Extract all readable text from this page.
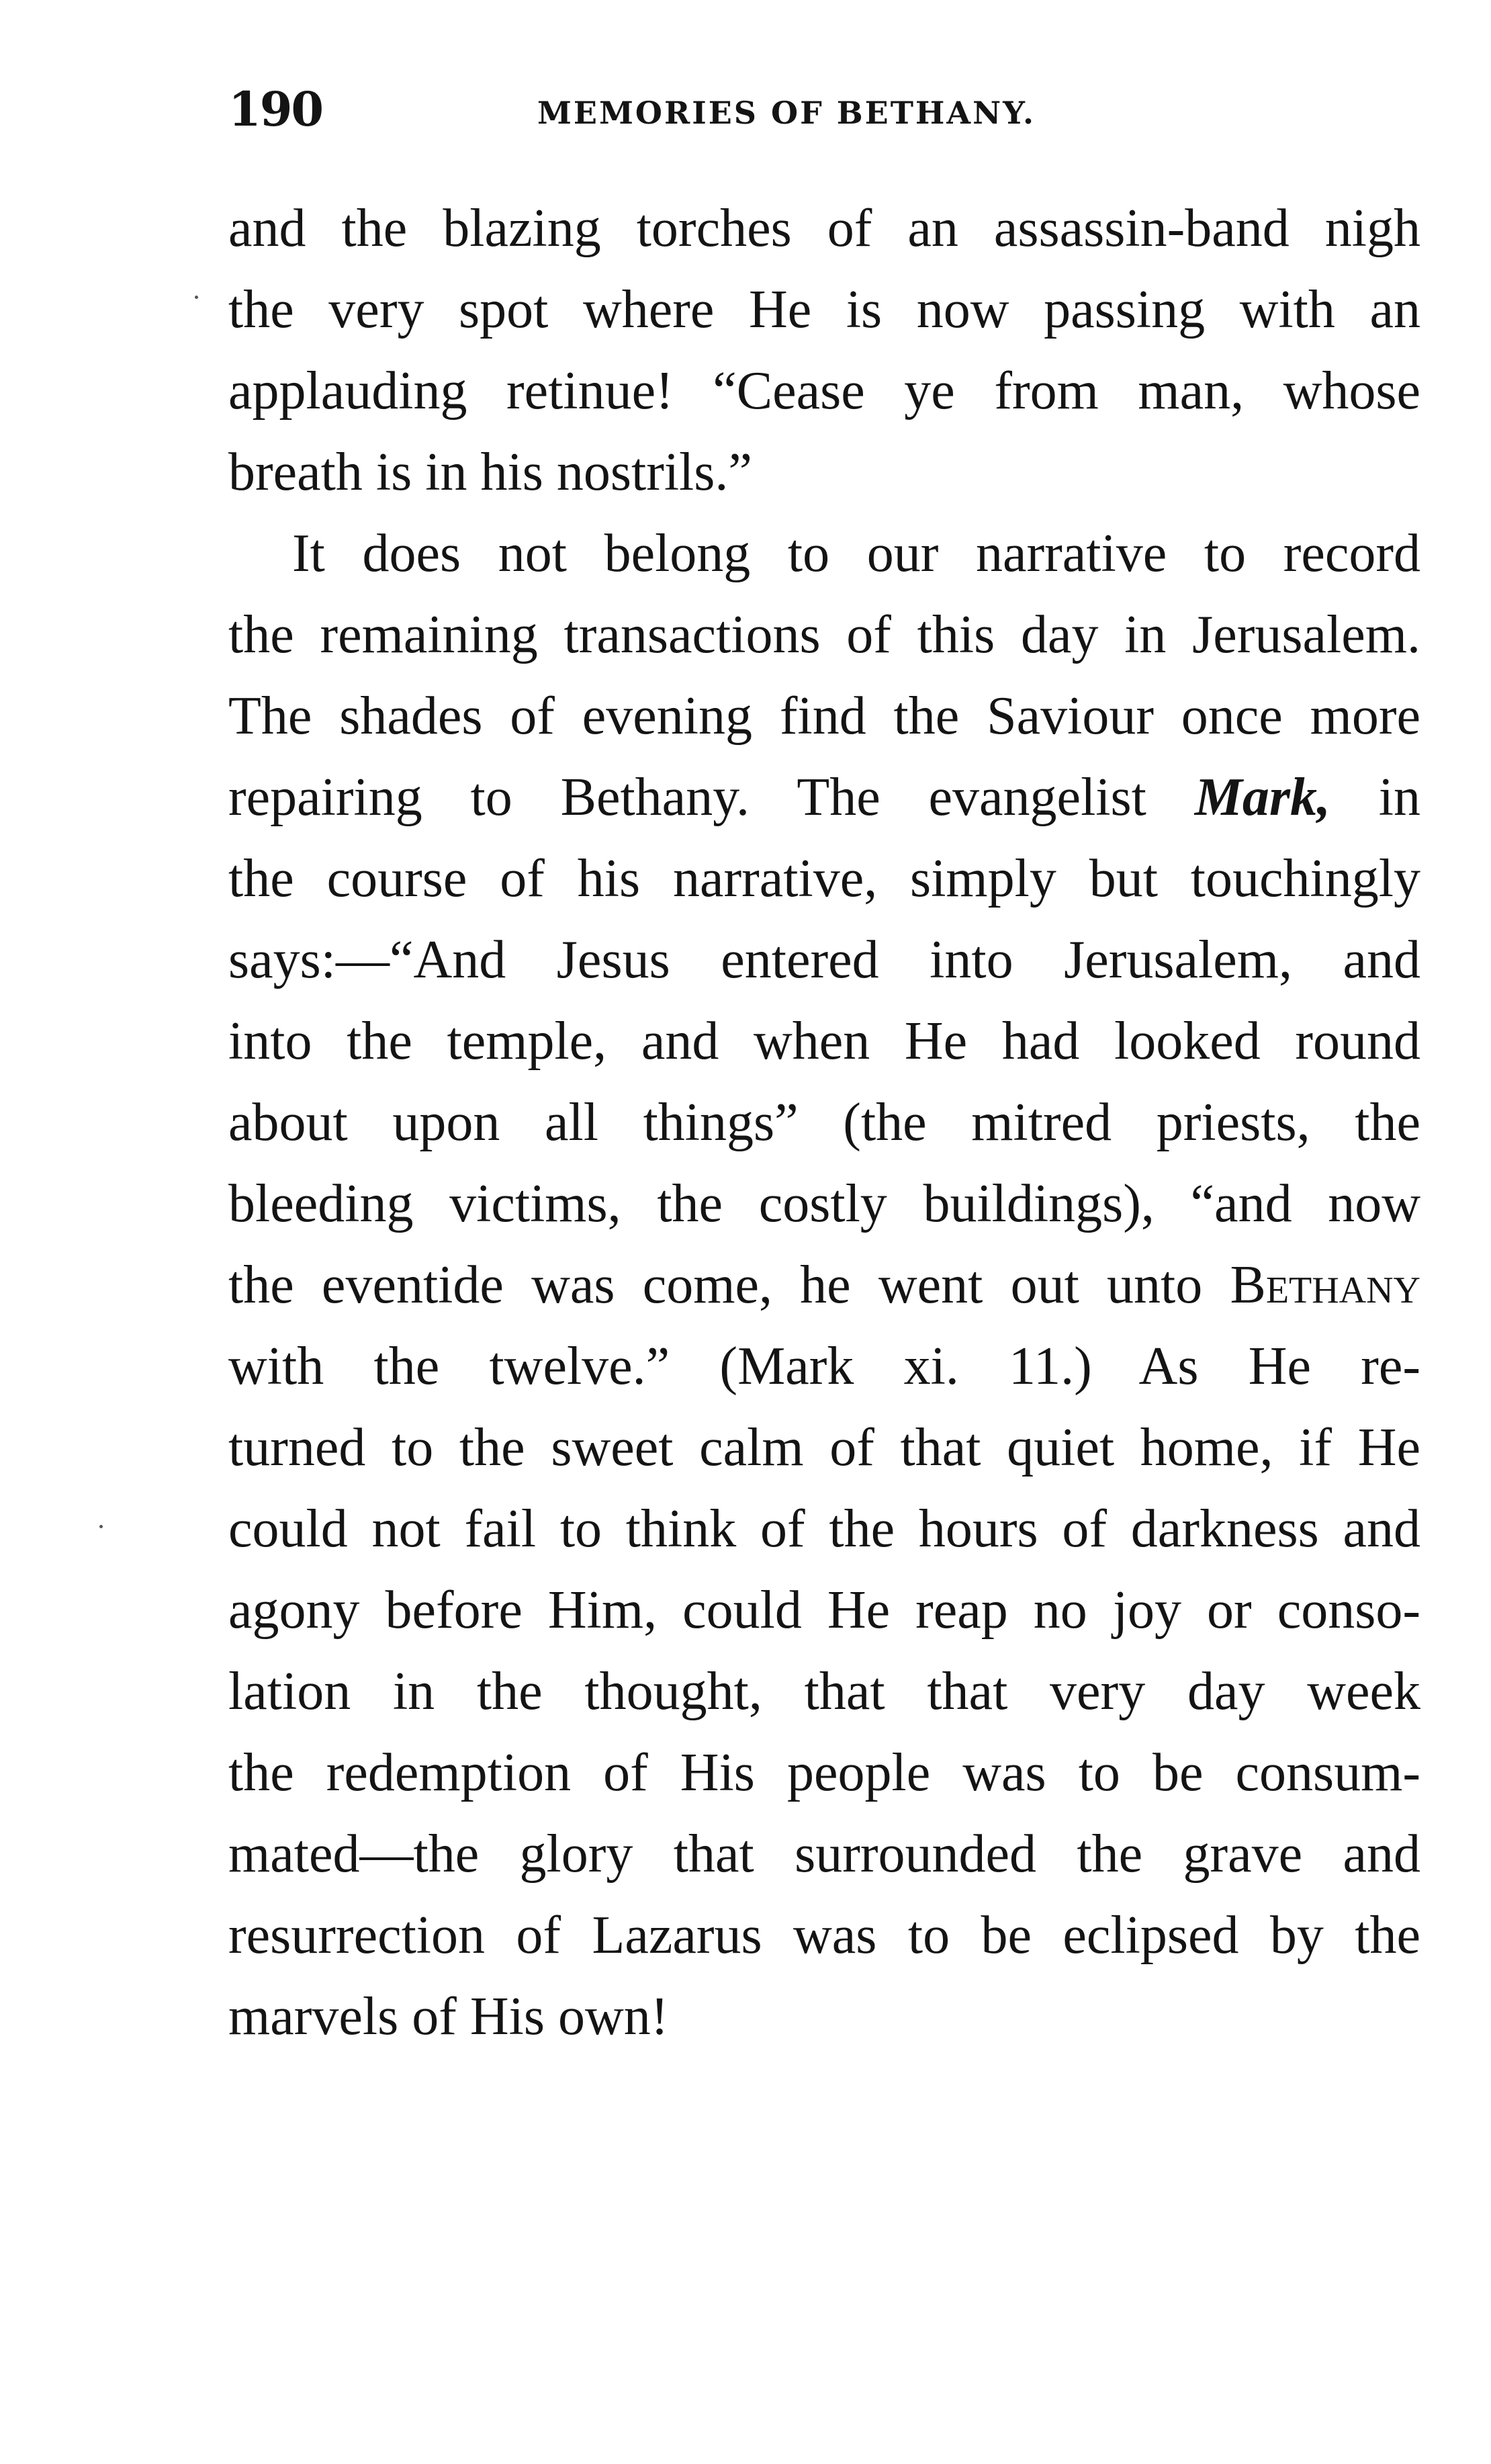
190	MEMORIES OF BETHANY.
and the blazing torches of an assassin-band nigh
the very spot where He is now passing with an
applauding retinue! “Cease ye from man, whose
breath is in his nostrils.”
It does not belong to our narrative to record
the remaining transactions of this day in Jerusalem.
The shades of evening find the Saviour once more
repairing to Bethany. The evangelist Mark, in
the course of his narrative, simply but touchingly
says:—“And Jesus entered into Jerusalem, and
into the temple, and when He had looked round
about upon all things” (the mitred priests, the
bleeding victims, the costly buildings), “and now
the eventide was come, he went out unto Bethany
with the twelve.” (Mark xi. 11.) As He re-
turned to the sweet calm of that quiet home, if He
could not fail to think of the hours of darkness and
agony before Him, could He reap no joy or conso-
lation in the thought, that that very day week
the redemption of His people was to be consum-
mated—the glory that surrounded the grave and
resurrection of Lazarus was to be eclipsed by the
marvels of His own!
